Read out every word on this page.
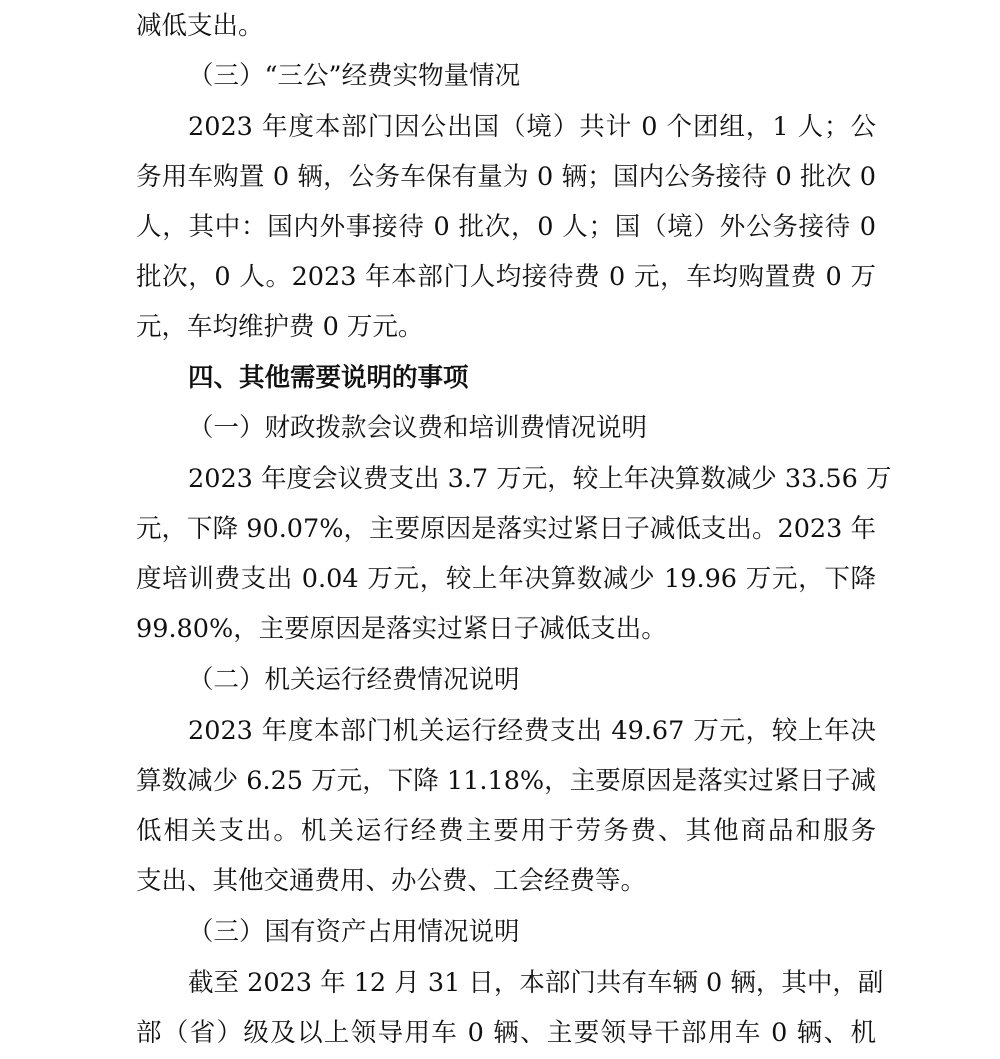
减低支出。
（三）“三公”经费实物量情况
2023 年度本部门因公出国（境）共计 0 个团组，1 人；公
务用车购置 0 辆，公务车保有量为 0 辆；国内公务接待 0 批次 0
人，其中：国内外事接待 0 批次，0 人；国（境）外公务接待 0
批次，0 人。2023 年本部门人均接待费 0 元，车均购置费 0 万
元，车均维护费 0 万元。
四、其他需要说明的事项
（一）财政拨款会议费和培训费情况说明
2023 年度会议费支出 3.7 万元，较上年决算数减少 33.56 万
元，下降 90.07%，主要原因是落实过紧日子减低支出。2023 年
度培训费支出 0.04 万元，较上年决算数减少 19.96 万元，下降
99.80%，主要原因是落实过紧日子减低支出。
（二）机关运行经费情况说明
2023 年度本部门机关运行经费支出 49.67 万元，较上年决
算数减少 6.25 万元，下降 11.18%，主要原因是落实过紧日子减
低相关支出。机关运行经费主要用于劳务费、其他商品和服务
支出、其他交通费用、办公费、工会经费等。
（三）国有资产占用情况说明
截至 2023 年 12 月 31 日，本部门共有车辆 0 辆，其中，副
部（省）级及以上领导用车 0 辆、主要领导干部用车 0 辆、机
